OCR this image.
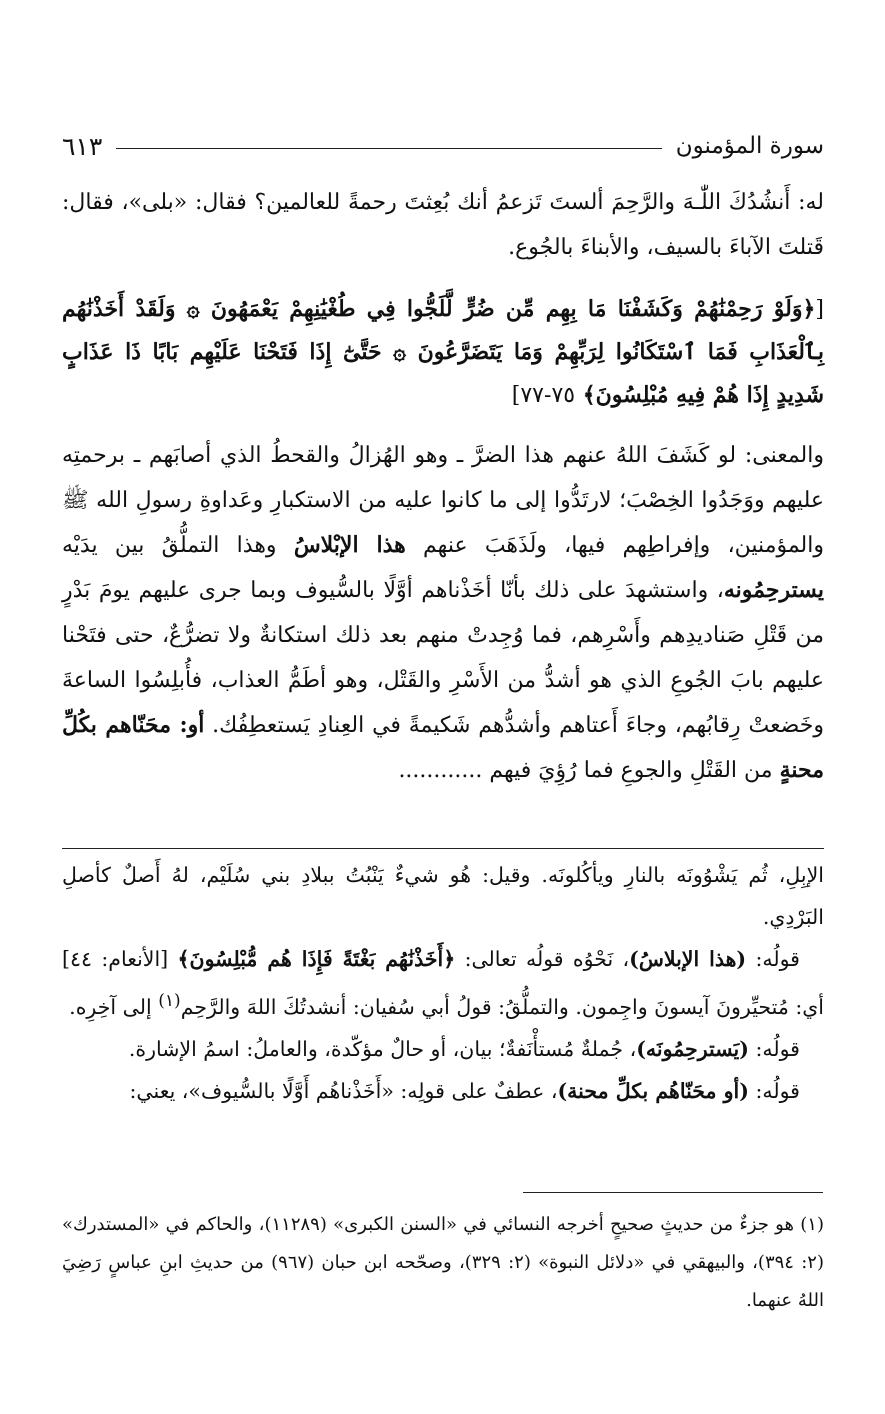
سورة المؤمنون
٦١٣

له: أَنشُدُكَ اللّٰـهَ والرَّحِمَ ألستَ تَزعمُ أنك بُعِثتَ رحمةً للعالمين؟ فقال: «بلى»، فقال: قَتلتَ الآباءَ بالسيف، والأبناءَ بالجُوع.

[﴿وَلَوْ رَحِمْنَٰهُمْ وَكَشَفْنَا مَا بِهِم مِّن ضُرٍّ لَّلَجُّوا فِي طُغْيَٰنِهِمْ يَعْمَهُونَ ۞ وَلَقَدْ أَخَذْنَٰهُم بِٱلْعَذَابِ فَمَا ٱسْتَكَانُوا لِرَبِّهِمْ وَمَا يَتَضَرَّعُونَ ۞ حَتَّىٰٓ إِذَا فَتَحْنَا عَلَيْهِم بَابًا ذَا عَذَابٍ شَدِيدٍ إِذَا هُمْ فِيهِ مُبْلِسُونَ﴾ ٧٥-٧٧]

والمعنى: لو كَشَفَ اللهُ عنهم هذا الضرَّ ـ وهو الهُزالُ والقحطُ الذي أصابَهم ـ برحمتِه عليهم ووَجَدُوا الخِصْبَ؛ لارتَدُّوا إلى ما كانوا عليه من الاستكبارِ وعَداوةِ رسولِ الله ﷺ والمؤمنين، وإفراطِهم فيها، ولَذَهَبَ عنهم هذا الإبْلاسُ وهذا التملُّقُ بين يدَيْه يسترحِمُونه، واستشهدَ على ذلك بأنّا أخَذْناهم أوَّلًا بالسُّيوف وبما جرى عليهم يومَ بَدْرٍ من قَتْلِ صَناديدِهم وأَسْرِهم، فما وُجِدتْ منهم بعد ذلك استكانةٌ ولا تضرُّعٌ، حتى فتَحْنا عليهم بابَ الجُوعِ الذي هو أشدُّ من الأَسْرِ والقَتْل، وهو أطَمُّ العذاب، فأُبلِسُوا الساعةَ وخَضعتْ رِقابُهم، وجاءَ أَعتاهم وأشدُّهم شَكيمةً في العِنادِ يَستعطِفُك. أو: محَنّاهم بكُلِّ محنةٍ من القَتْلِ والجوعِ فما رُؤِيَ فيهم ............

الإبِلِ، ثُم يَشْوُونَه بالنارِ ويأكُلونَه. وقيل: هُو شيءٌ يَنْبُتُ ببلادِ بني سُلَيْم، لهُ أَصلٌ كأصلِ البَرْدِي.

قولُه: (هذا الإبلاسُ)، نَحْوُه قولُه تعالى: ﴿أَخَذْنَٰهُم بَغْتَةً فَإِذَا هُم مُّبْلِسُونَ﴾ [الأنعام: ٤٤] أي: مُتحيِّرونَ آيسونَ واجِمون. والتملُّقُ: قولُ أبي سُفيان: أنشدتُكَ اللهَ والرَّحِم$^{(١)}$ إلى آخِرِه.

قولُه: (يَسترحِمُونَه)، جُملةٌ مُستأْنَفةٌ؛ بيان، أو حالٌ مؤكّدة، والعاملُ: اسمُ الإشارة.

قولُه: (أو محَنّاهُم بكلِّ محنة)، عطفٌ على قولِه: «أَخَذْناهُم أَوَّلًا بالسُّيوف»، يعني:

(١) هو جزءٌ من حديثٍ صحيحٍ أخرجه النسائي في «السنن الكبرى» (١١٢٨٩)، والحاكم في «المستدرك» (٢: ٣٩٤)، والبيهقي في «دلائل النبوة» (٢: ٣٢٩)، وصحّحه ابن حبان (٩٦٧) من حديثِ ابنِ عباسٍ رَضِيَ اللهُ عنهما.
